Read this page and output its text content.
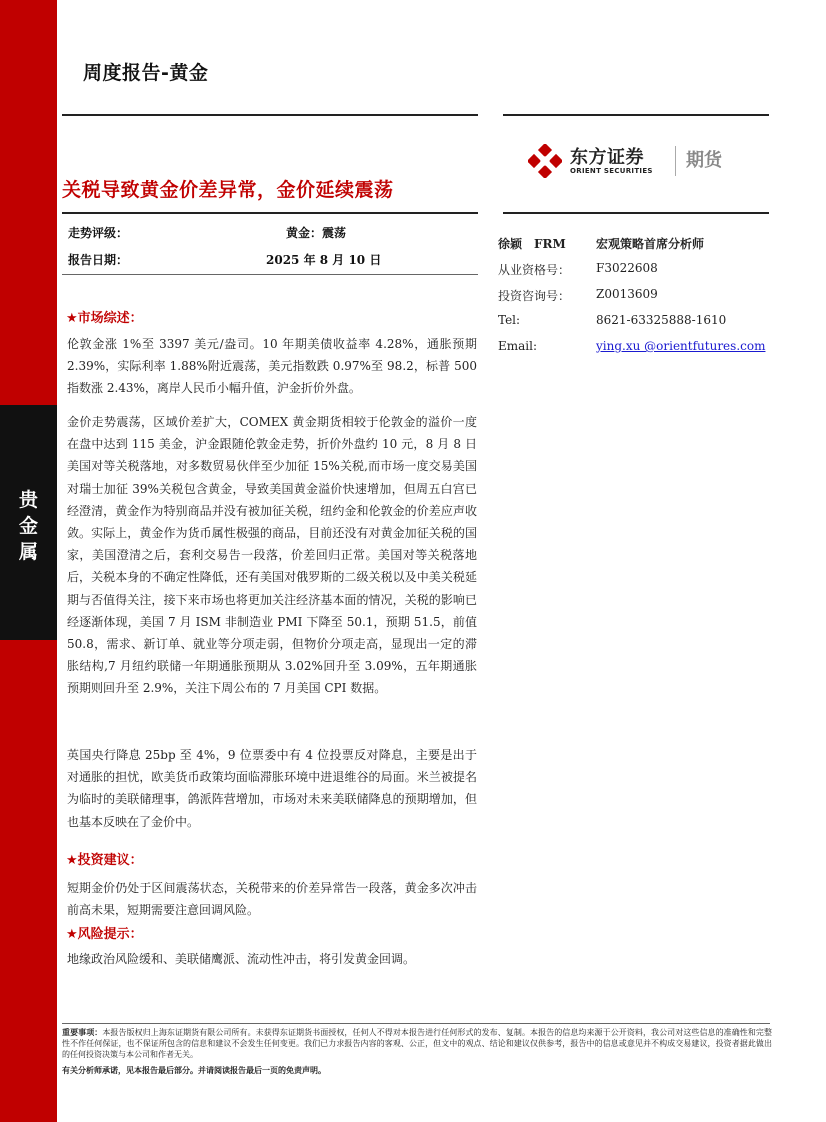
贵
金
属
周度报告-黄金
东方证券
ORIENT SECURITIES 期货
关税导致黄金价差异常，金价延续震荡
走势评级：	黄金：震荡
报告日期：	2025 年 8 月 10 日
徐颖　FRM	宏观策略首席分析师
从业资格号： F3022608
投资咨询号： Z0013609
Tel:	8621-63325888-1610
Email:	ying.xu @orientfutures.com
★市场综述：
伦敦金涨 1%至 3397 美元/盎司。10 年期美债收益率 4.28%，通胀预期 2.39%，实际利率 1.88%附近震荡，美元指数跌 0.97%至 98.2，标普 500 指数涨 2.43%，离岸人民币小幅升值，沪金折价外盘。
金价走势震荡，区域价差扩大，COMEX 黄金期货相较于伦敦金的溢价一度在盘中达到 115 美金，沪金跟随伦敦金走势，折价外盘约 10 元，8 月 8 日美国对等关税落地，对多数贸易伙伴至少加征 15%关税,而市场一度交易美国对瑞士加征 39%关税包含黄金，导致美国黄金溢价快速增加，但周五白宫已经澄清，黄金作为特别商品并没有被加征关税，纽约金和伦敦金的价差应声收敛。实际上，黄金作为货币属性极强的商品，目前还没有对黄金加征关税的国家，美国澄清之后，套利交易告一段落，价差回归正常。美国对等关税落地后，关税本身的不确定性降低，还有美国对俄罗斯的二级关税以及中美关税延期与否值得关注，接下来市场也将更加关注经济基本面的情况，关税的影响已经逐渐体现，美国 7 月 ISM 非制造业 PMI 下降至 50.1，预期 51.5，前值 50.8，需求、新订单、就业等分项走弱，但物价分项走高，显现出一定的滞胀结构,7 月纽约联储一年期通胀预期从 3.02%回升至 3.09%，五年期通胀预期则回升至 2.9%，关注下周公布的 7 月美国 CPI 数据。
英国央行降息 25bp 至 4%，9 位票委中有 4 位投票反对降息，主要是出于对通胀的担忧，欧美货币政策均面临滞胀环境中进退维谷的局面。米兰被提名为临时的美联储理事，鸽派阵营增加，市场对未来美联储降息的预期增加，但也基本反映在了金价中。
★投资建议：
短期金价仍处于区间震荡状态，关税带来的价差异常告一段落，黄金多次冲击前高未果，短期需要注意回调风险。
★风险提示：
地缘政治风险缓和、美联储鹰派、流动性冲击，将引发黄金回调。
重要事项：本报告版权归上海东证期货有限公司所有。未获得东证期货书面授权，任何人不得对本报告进行任何形式的发布、复制。本报告的信息均来源于公开资料，我公司对这些信息的准确性和完整性不作任何保证，也不保证所包含的信息和建议不会发生任何变更。我们已力求报告内容的客观、公正，但文中的观点、结论和建议仅供参考，报告中的信息或意见并不构成交易建议，投资者据此做出的任何投资决策与本公司和作者无关。
有关分析师承诺，见本报告最后部分。并请阅读报告最后一页的免责声明。
